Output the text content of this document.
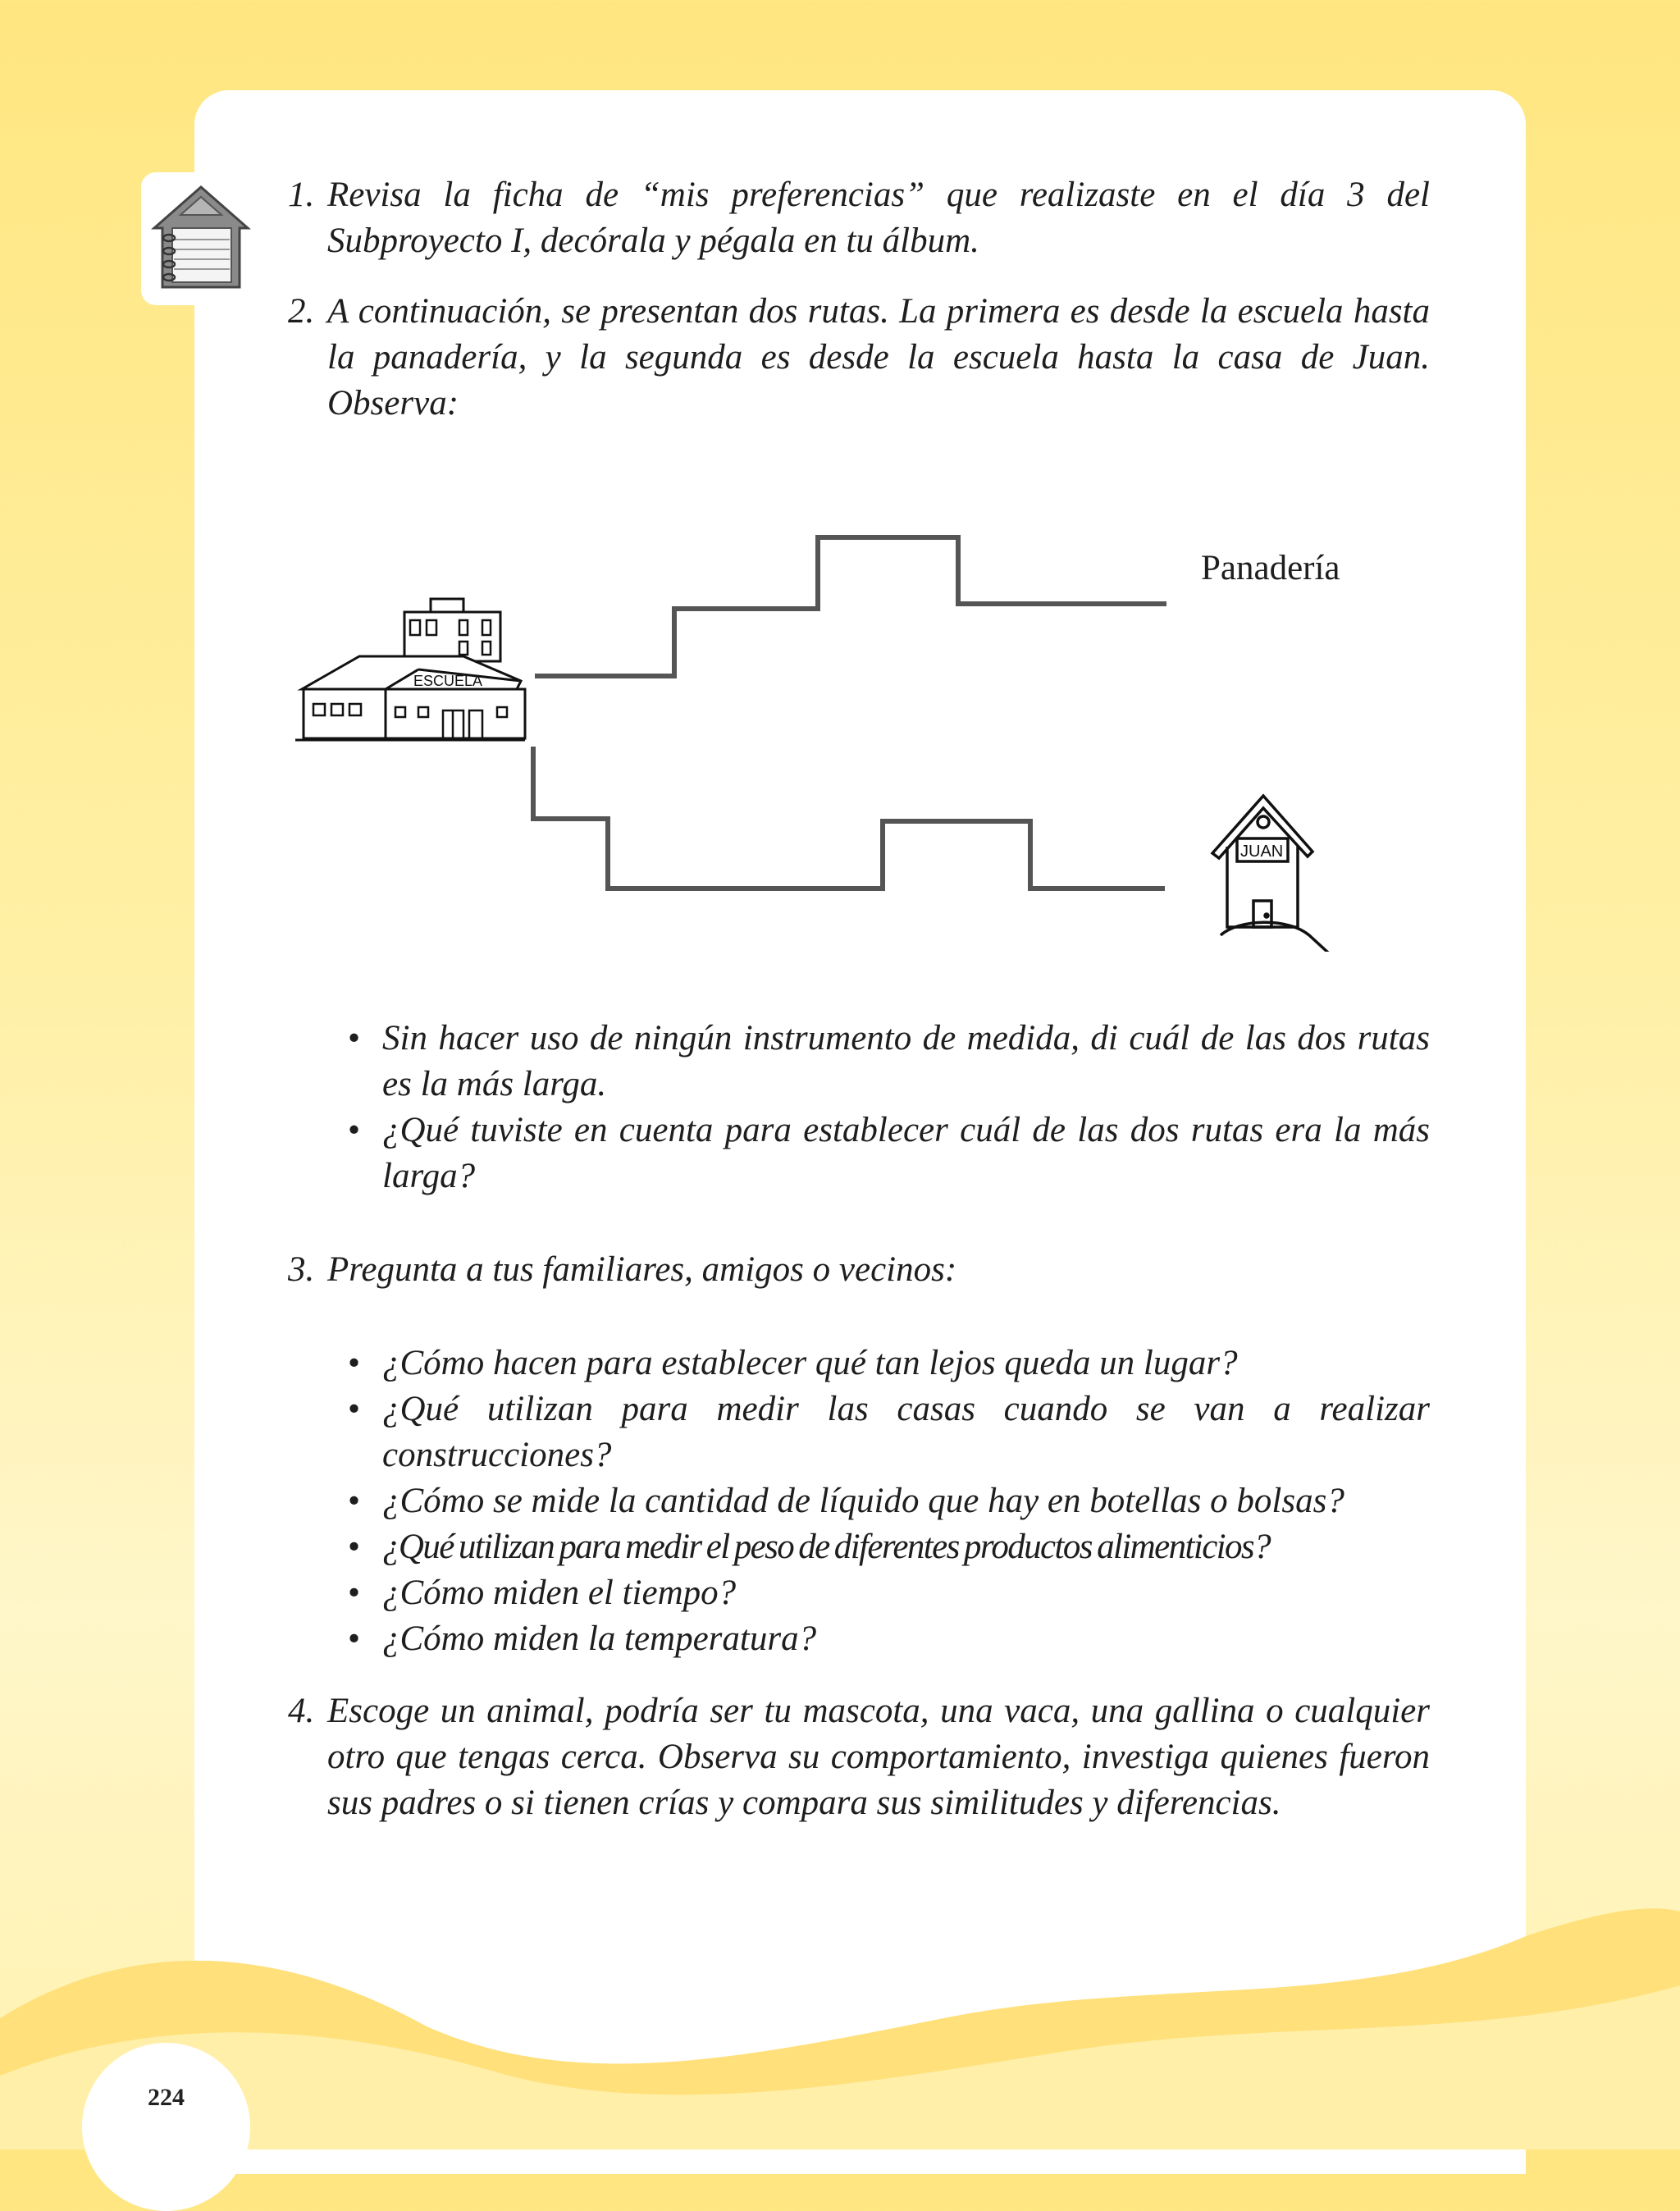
224
1. Revisa la ficha de “mis preferencias” que realizaste en el día 3 del Subproyecto I, decórala y pégala en tu álbum.
2. A continuación, se presentan dos rutas. La primera es desde la escuela hasta la panadería, y la segunda es desde la escuela hasta la casa de Juan. Observa:
ESCUELA
JUAN
Panadería
• Sin hacer uso de ningún instrumento de medida, di cuál de las dos rutas es la más larga.
• ¿Qué tuviste en cuenta para establecer cuál de las dos rutas era la más larga?
3. Pregunta a tus familiares, amigos o vecinos:
• ¿Cómo hacen para establecer qué tan lejos queda un lugar?
• ¿Qué utilizan para medir las casas cuando se van a realizar construcciones?
• ¿Cómo se mide la cantidad de líquido que hay en botellas o bolsas?
• ¿Qué utilizan para medir el peso de diferentes productos alimenticios?
• ¿Cómo miden el tiempo?
• ¿Cómo miden la temperatura?
4. Escoge un animal, podría ser tu mascota, una vaca, una gallina o cualquier otro que tengas cerca. Observa su comportamiento, investiga quienes fueron sus padres o si tienen crías y compara sus similitudes y diferencias.
